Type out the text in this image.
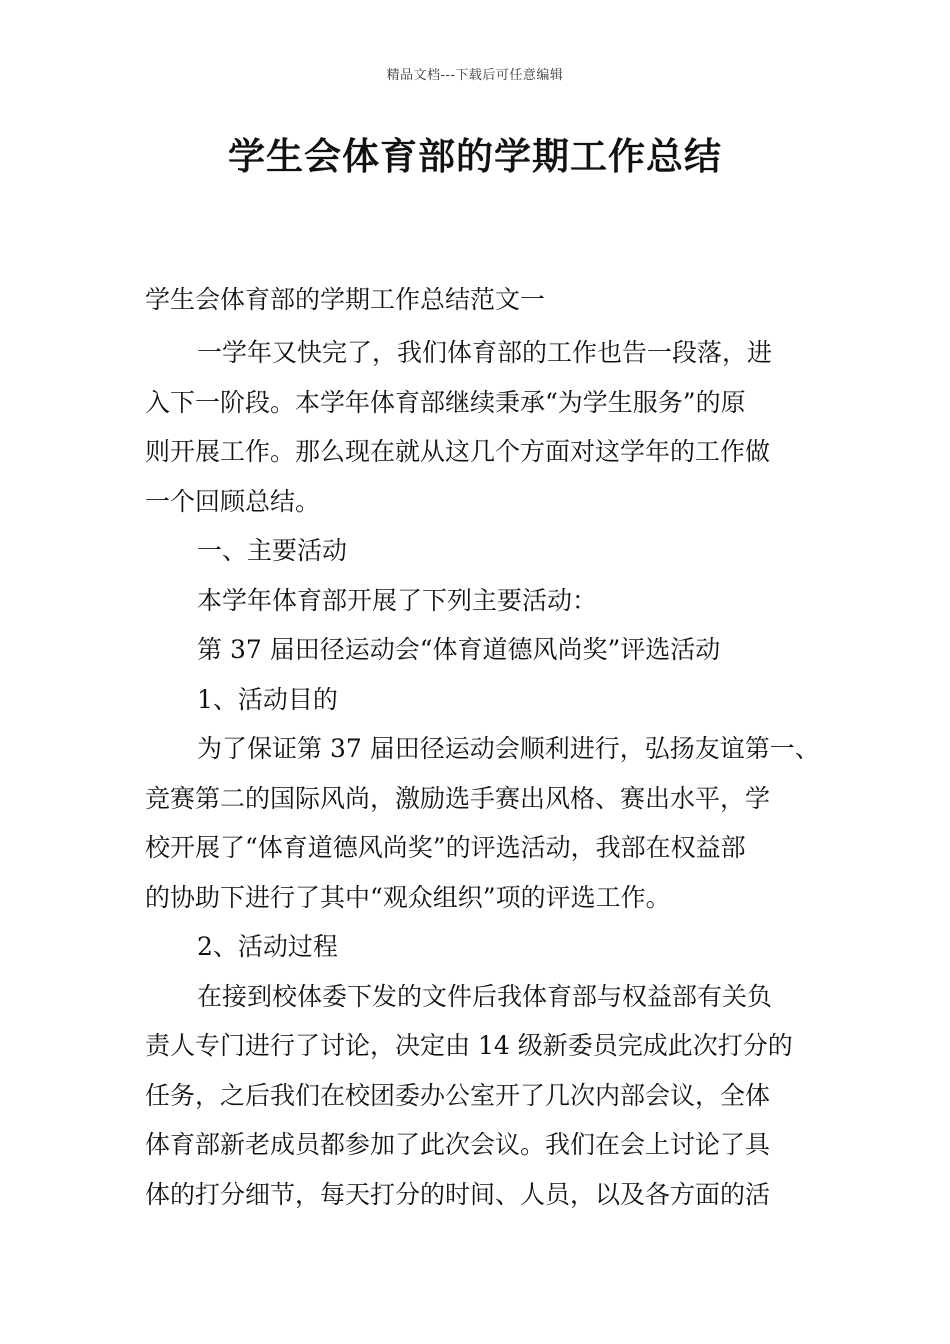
精品文档---下载后可任意编辑
学生会体育部的学期工作总结
学生会体育部的学期工作总结范文一
一学年又快完了，我们体育部的工作也告一段落，进
入下一阶段。本学年体育部继续秉承“为学生服务”的原
则开展工作。那么现在就从这几个方面对这学年的工作做
一个回顾总结。
一、主要活动
本学年体育部开展了下列主要活动：
第 37 届田径运动会“体育道德风尚奖”评选活动
1、活动目的
为了保证第 37 届田径运动会顺利进行，弘扬友谊第一、
竞赛第二的国际风尚，激励选手赛出风格、赛出水平，学
校开展了“体育道德风尚奖”的评选活动，我部在权益部
的协助下进行了其中“观众组织”项的评选工作。
2、活动过程
在接到校体委下发的文件后我体育部与权益部有关负
责人专门进行了讨论，决定由 14 级新委员完成此次打分的
任务，之后我们在校团委办公室开了几次内部会议，全体
体育部新老成员都参加了此次会议。我们在会上讨论了具
体的打分细节，每天打分的时间、人员，以及各方面的活
